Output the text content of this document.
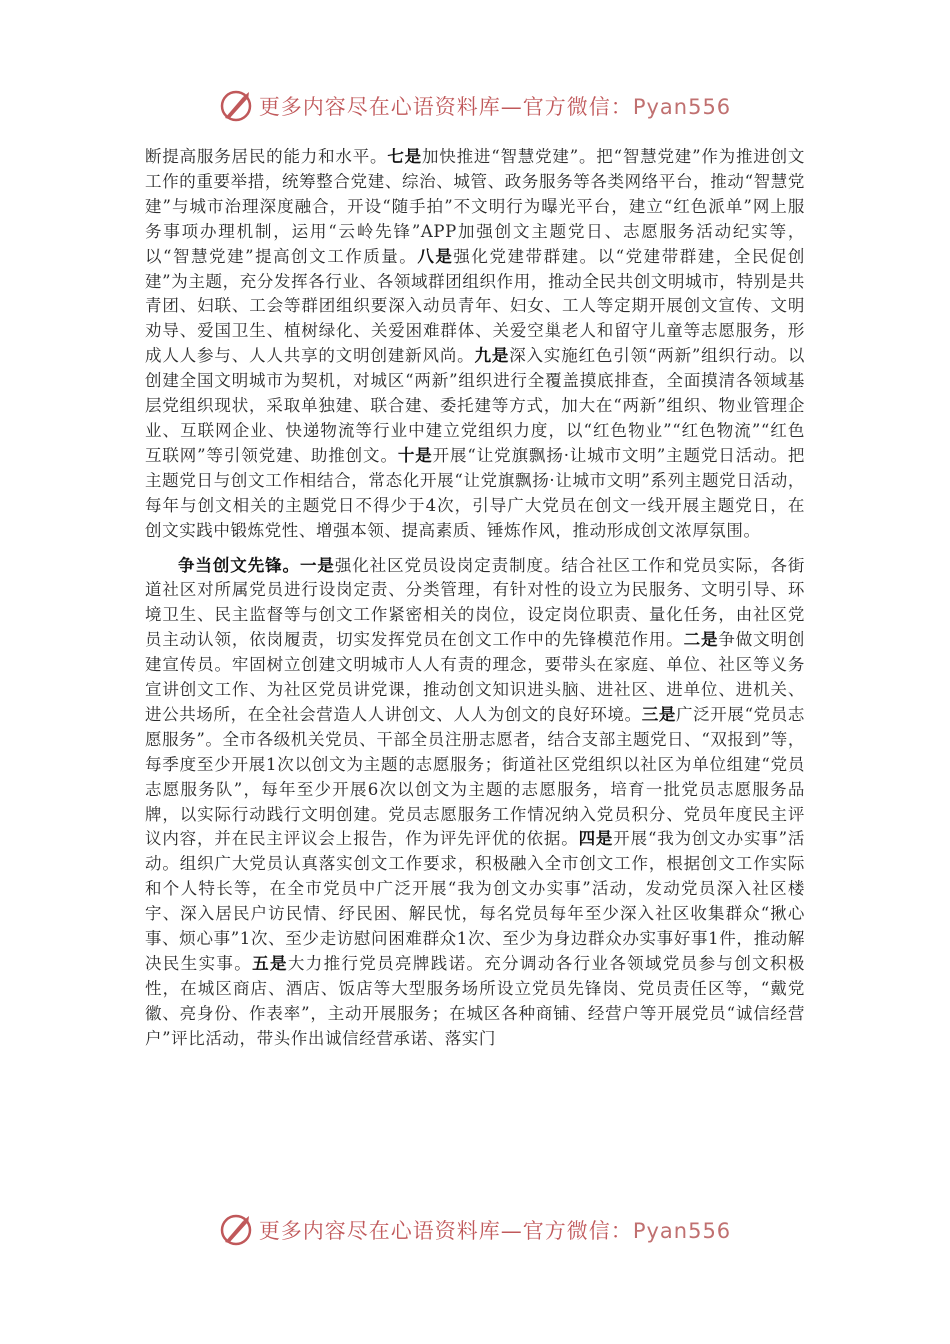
更多内容尽在心语资料库—官方微信：Pyan556

断提高服务居民的能力和水平。七是加快推进“智慧党建”。把“智慧党建”作为推进创文工作的重要举措，统筹整合党建、综治、城管、政务服务等各类网络平台，推动“智慧党建”与城市治理深度融合，开设“随手拍”不文明行为曝光平台，建立“红色派单”网上服务事项办理机制，运用“云岭先锋”APP加强创文主题党日、志愿服务活动纪实等，以“智慧党建”提高创文工作质量。八是强化党建带群建。以“党建带群建，全民促创建”为主题，充分发挥各行业、各领域群团组织作用，推动全民共创文明城市，特别是共青团、妇联、工会等群团组织要深入动员青年、妇女、工人等定期开展创文宣传、文明劝导、爱国卫生、植树绿化、关爱困难群体、关爱空巢老人和留守儿童等志愿服务，形成人人参与、人人共享的文明创建新风尚。九是深入实施红色引领“两新”组织行动。以创建全国文明城市为契机，对城区“两新”组织进行全覆盖摸底排查，全面摸清各领域基层党组织现状，采取单独建、联合建、委托建等方式，加大在“两新”组织、物业管理企业、互联网企业、快递物流等行业中建立党组织力度，以“红色物业”“红色物流”“红色互联网”等引领党建、助推创文。十是开展“让党旗飘扬·让城市文明”主题党日活动。把主题党日与创文工作相结合，常态化开展“让党旗飘扬·让城市文明”系列主题党日活动，每年与创文相关的主题党日不得少于4次，引导广大党员在创文一线开展主题党日，在创文实践中锻炼党性、增强本领、提高素质、锤炼作风，推动形成创文浓厚氛围。

争当创文先锋。一是强化社区党员设岗定责制度。结合社区工作和党员实际，各街道社区对所属党员进行设岗定责、分类管理，有针对性的设立为民服务、文明引导、环境卫生、民主监督等与创文工作紧密相关的岗位，设定岗位职责、量化任务，由社区党员主动认领，依岗履责，切实发挥党员在创文工作中的先锋模范作用。二是争做文明创建宣传员。牢固树立创建文明城市人人有责的理念，要带头在家庭、单位、社区等义务宣讲创文工作、为社区党员讲党课，推动创文知识进头脑、进社区、进单位、进机关、进公共场所，在全社会营造人人讲创文、人人为创文的良好环境。三是广泛开展“党员志愿服务”。全市各级机关党员、干部全员注册志愿者，结合支部主题党日、“双报到”等，每季度至少开展1次以创文为主题的志愿服务；街道社区党组织以社区为单位组建“党员志愿服务队”，每年至少开展6次以创文为主题的志愿服务，培育一批党员志愿服务品牌，以实际行动践行文明创建。党员志愿服务工作情况纳入党员积分、党员年度民主评议内容，并在民主评议会上报告，作为评先评优的依据。四是开展“我为创文办实事”活动。组织广大党员认真落实创文工作要求，积极融入全市创文工作，根据创文工作实际和个人特长等，在全市党员中广泛开展“我为创文办实事”活动，发动党员深入社区楼宇、深入居民户访民情、纾民困、解民忧，每名党员每年至少深入社区收集群众“揪心事、烦心事”1次、至少走访慰问困难群众1次、至少为身边群众办实事好事1件，推动解决民生实事。五是大力推行党员亮牌践诺。充分调动各行业各领域党员参与创文积极性，在城区商店、酒店、饭店等大型服务场所设立党员先锋岗、党员责任区等，“戴党徽、亮身份、作表率”，主动开展服务；在城区各种商铺、经营户等开展党员“诚信经营户”评比活动，带头作出诚信经营承诺、落实门

更多内容尽在心语资料库—官方微信：Pyan556
